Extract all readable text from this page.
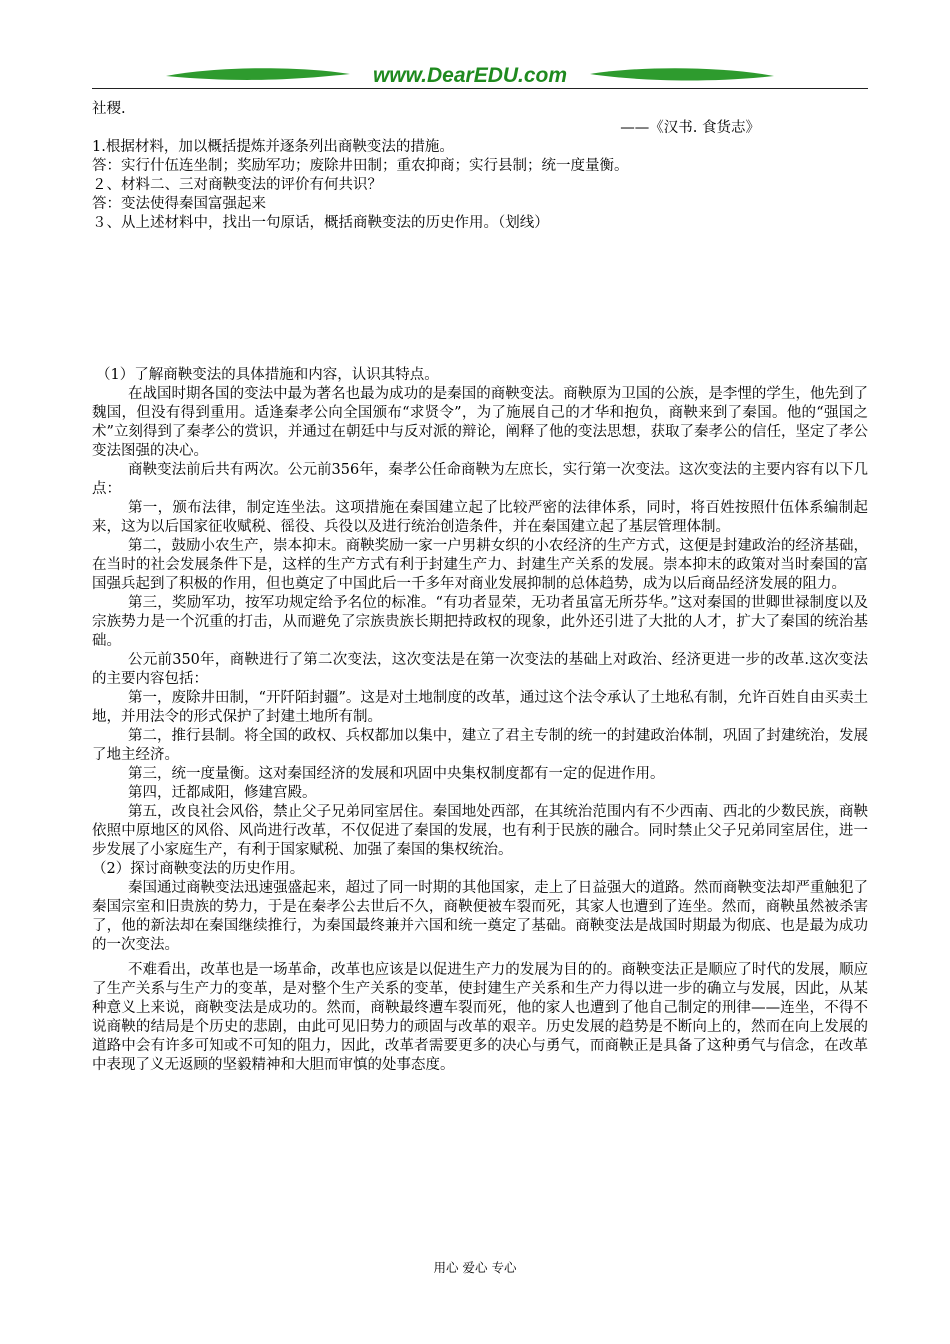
www.DearEDU.com

社稷.

——《汉书. 食货志》

1.根据材料，加以概括提炼并逐条列出商鞅变法的措施。

答：实行什伍连坐制；奖励军功；废除井田制；重农抑商；实行县制；统一度量衡。

２、材料二、三对商鞅变法的评价有何共识？

答：变法使得秦国富强起来

３、从上述材料中，找出一句原话，概括商鞅变法的历史作用。（划线）

（1）了解商鞅变法的具体措施和内容，认识其特点。

在战国时期各国的变法中最为著名也最为成功的是秦国的商鞅变法。商鞅原为卫国的公族，是李悝的学生，他先到了魏国，但没有得到重用。适逢秦孝公向全国颁布“求贤令”，为了施展自己的才华和抱负，商鞅来到了秦国。他的“强国之术”立刻得到了秦孝公的赏识，并通过在朝廷中与反对派的辩论，阐释了他的变法思想，获取了秦孝公的信任，坚定了孝公变法图强的决心。

商鞅变法前后共有两次。公元前356年，秦孝公任命商鞅为左庶长，实行第一次变法。这次变法的主要内容有以下几点：

第一，颁布法律，制定连坐法。这项措施在秦国建立起了比较严密的法律体系，同时，将百姓按照什伍体系编制起来，这为以后国家征收赋税、徭役、兵役以及进行统治创造条件，并在秦国建立起了基层管理体制。

第二，鼓励小农生产，崇本抑末。商鞅奖励一家一户男耕女织的小农经济的生产方式，这便是封建政治的经济基础，在当时的社会发展条件下是，这样的生产方式有利于封建生产力、封建生产关系的发展。崇本抑末的政策对当时秦国的富国强兵起到了积极的作用，但也奠定了中国此后一千多年对商业发展抑制的总体趋势，成为以后商品经济发展的阻力。

第三，奖励军功，按军功规定给予名位的标准。“有功者显荣，无功者虽富无所芬华。”这对秦国的世卿世禄制度以及宗族势力是一个沉重的打击，从而避免了宗族贵族长期把持政权的现象，此外还引进了大批的人才，扩大了秦国的统治基础。

公元前350年，商鞅进行了第二次变法，这次变法是在第一次变法的基础上对政治、经济更进一步的改革.这次变法的主要内容包括：

第一，废除井田制，“开阡陌封疆”。这是对土地制度的改革，通过这个法令承认了土地私有制，允许百姓自由买卖土地，并用法令的形式保护了封建土地所有制。

第二，推行县制。将全国的政权、兵权都加以集中，建立了君主专制的统一的封建政治体制，巩固了封建统治，发展了地主经济。

第三，统一度量衡。这对秦国经济的发展和巩固中央集权制度都有一定的促进作用。

第四，迁都咸阳，修建宫殿。

第五，改良社会风俗，禁止父子兄弟同室居住。秦国地处西部，在其统治范围内有不少西南、西北的少数民族，商鞅依照中原地区的风俗、风尚进行改革，不仅促进了秦国的发展，也有利于民族的融合。同时禁止父子兄弟同室居住，进一步发展了小家庭生产，有利于国家赋税、加强了秦国的集权统治。

（2）探讨商鞅变法的历史作用。

秦国通过商鞅变法迅速强盛起来，超过了同一时期的其他国家，走上了日益强大的道路。然而商鞅变法却严重触犯了秦国宗室和旧贵族的势力，于是在秦孝公去世后不久，商鞅便被车裂而死，其家人也遭到了连坐。然而，商鞅虽然被杀害了，他的新法却在秦国继续推行，为秦国最终兼并六国和统一奠定了基础。商鞅变法是战国时期最为彻底、也是最为成功的一次变法。

不难看出，改革也是一场革命，改革也应该是以促进生产力的发展为目的的。商鞅变法正是顺应了时代的发展，顺应了生产关系与生产力的变革，是对整个生产关系的变革，使封建生产关系和生产力得以进一步的确立与发展，因此，从某种意义上来说，商鞅变法是成功的。然而，商鞅最终遭车裂而死，他的家人也遭到了他自己制定的刑律——连坐，不得不说商鞅的结局是个历史的悲剧，由此可见旧势力的顽固与改革的艰辛。历史发展的趋势是不断向上的，然而在向上发展的道路中会有许多可知或不可知的阻力，因此，改革者需要更多的决心与勇气，而商鞅正是具备了这种勇气与信念，在改革中表现了义无返顾的坚毅精神和大胆而审慎的处事态度。

用心 爱心 专心
